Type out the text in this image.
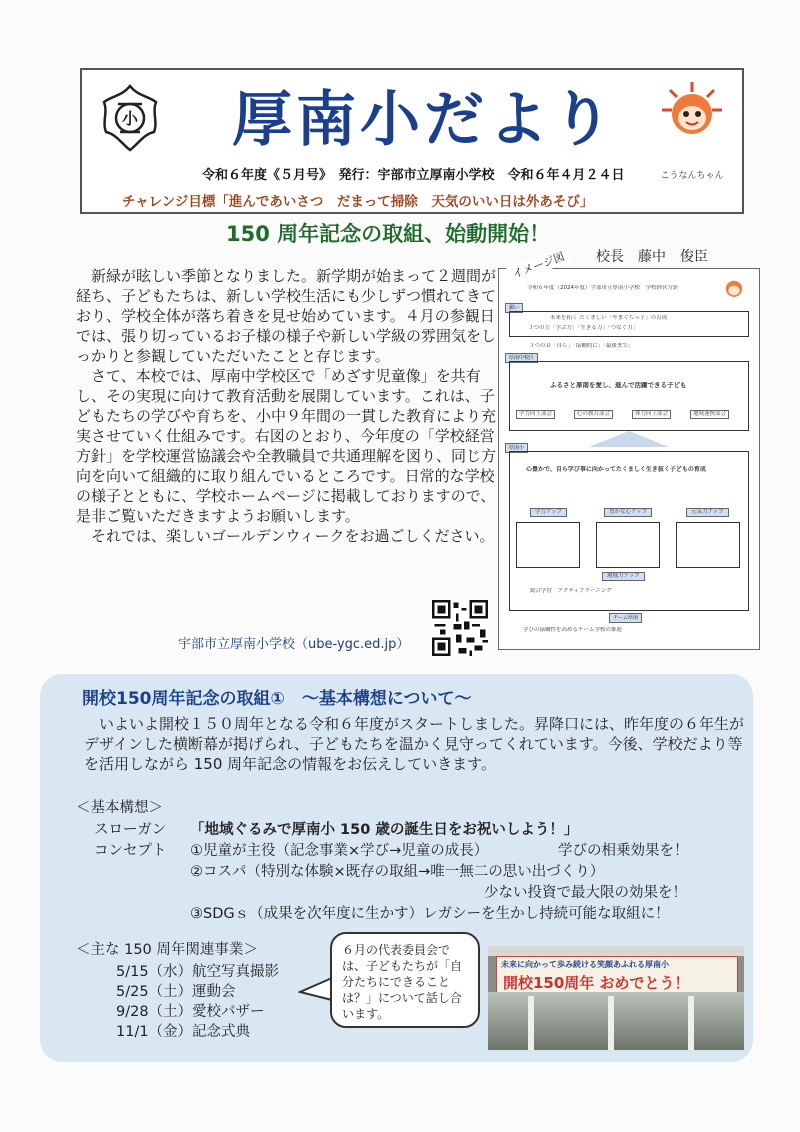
小 厚南小だより
こうなんちゃん
令和６年度《５月号》　発行：宇部市立厚南小学校　令和６年４月２４日
チャレンジ目標「進んであいさつ　だまって掃除　天気のいい日は外あそび」
150 周年記念の取組、始動開始！
校長　藤中　俊臣

新緑が眩しい季節となりました。新学期が始まって２週間が経ち、子どもたちは、新しい学校生活にも少しずつ慣れてきており、学校全体が落ち着きを見せ始めています。４月の参観日では、張り切っているお子様の様子や新しい学級の雰囲気をしっかりと参観していただいたことと存じます。

さて、本校では、厚南中学校区で「めざす児童像」を共有し、その実現に向けて教育活動を展開しています。これは、子どもたちの学びや育ちを、小中９年間の一貫した教育により充実させていく仕組みです。右図のとおり、今年度の「学校経営方針」を学校運営協議会や全教職員で共通理解を図り、同じ方向を向いて組織的に取り組んでいるところです。日常的な学校の様子とともに、学校ホームページに掲載しておりますので、是非ご覧いただきますようお願いします。

それでは、楽しいゴールデンウィークをお過ごしください。

宇部市立厚南小学校（ube-ygc.ed.jp）
イメージ図
令和６年度（2024年度）宇部市立厚南小学校　学校経営方針
願い
未来を拓く たくましい「やまぐちっ子」の育成
３つの力「学ぶ力」「生きる力」「つなぐ力」
３つのＤ「自ら」「協働的に」「最後まで」
厚南中校区
ふるさと厚南を愛し、進んで活躍できる子ども
学力向上部会	心の教育部会	体力向上部会	地域連携部会
厚南小
心豊かで、自ら学び事に向かってたくましく生き抜く子どもの育成
学力アップ	豊かな心アップ	元気力アップ
地域力アップ
総合学習　アクティブラーニング
チーム厚南
学びの協働性を高めるチーム学校の推進
開校150周年記念の取組①　～基本構想について～

いよいよ開校１５０周年となる令和６年度がスタートしました。昇降口には、昨年度の６年生がデザインした横断幕が掲げられ、子どもたちを温かく見守ってくれています。今後、学校だより等を活用しながら 150 周年記念の情報をお伝えしていきます。

＜基本構想＞
スローガン 「地域ぐるみで厚南小 150 歳の誕生日をお祝いしよう！」
コンセプト ①児童が主役（記念事業×学び→児童の成長）	学びの相乗効果を！
②コスパ（特別な体験×既存の取組→唯一無二の思い出づくり）
少ない投資で最大限の効果を！
③SDGｓ（成果を次年度に生かす）レガシーを生かし持続可能な取組に！
＜主な 150 周年関連事業＞
5/15（水）航空写真撮影
5/25（土）運動会
9/28（土）愛校バザー
11/1（金）記念式典
６月の代表委員会では、子どもたちが「自分たちにできることは？」について話し合います。
未来に向かって歩み続ける笑顔あふれる厚南小
開校150周年 おめでとう！
